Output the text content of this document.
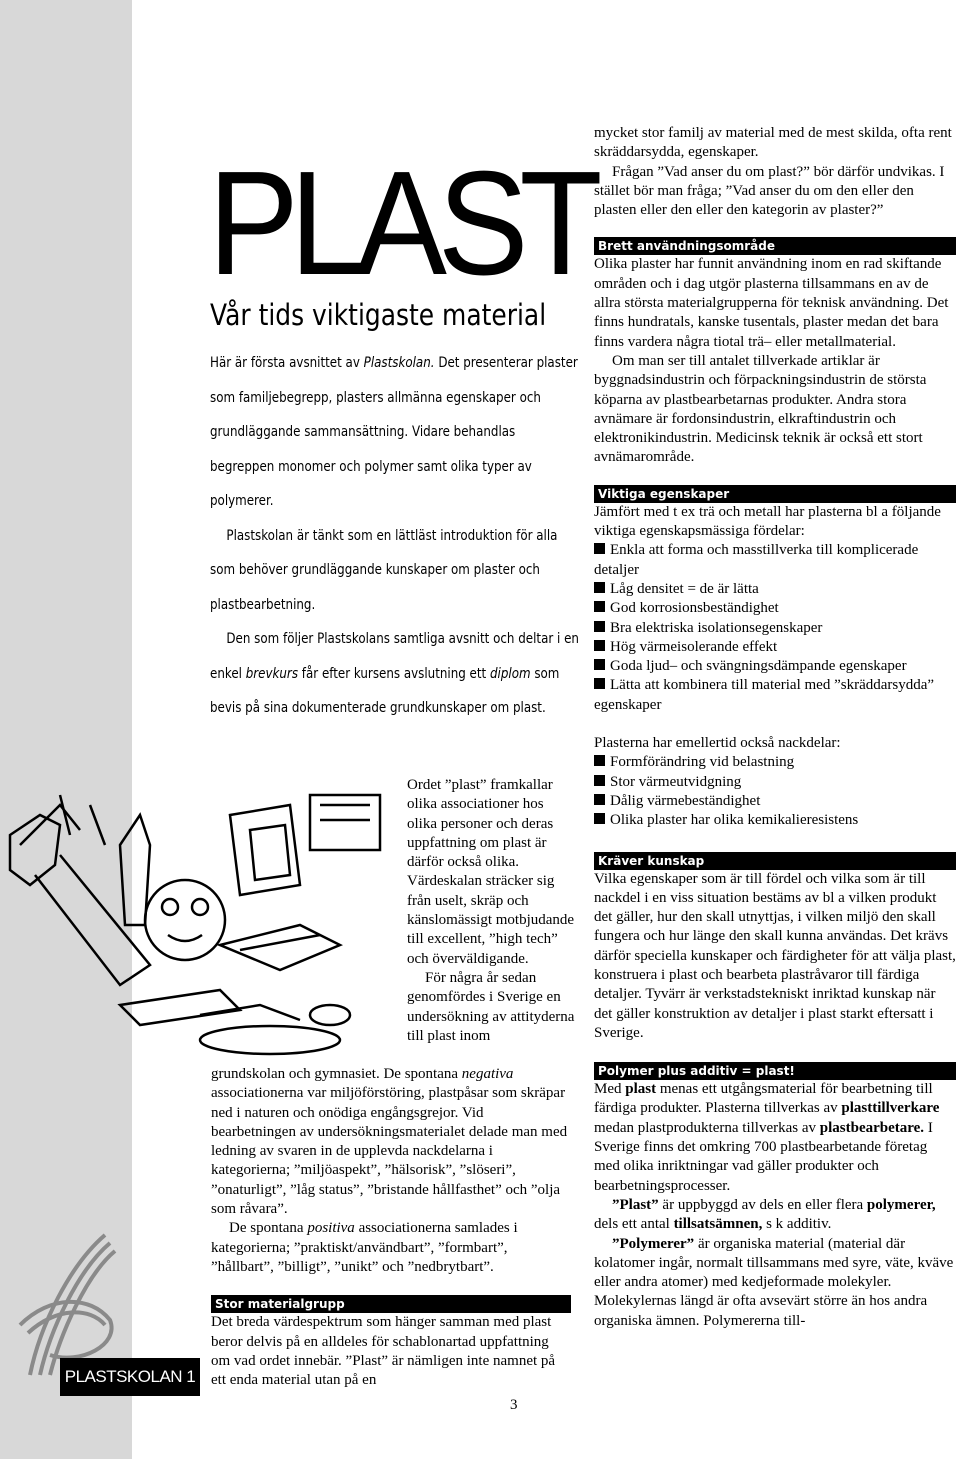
PLASTSKOLAN 1
PLAST
Vår tids viktigaste material

Här är första avsnittet av Plastskolan. Det presenterar plaster som familjebegrepp, plasters allmänna egenskaper och grundläggande sammansättning. Vidare behandlas begreppen monomer och polymer samt olika typer av polymerer.

Plastskolan är tänkt som en lättläst introduktion för alla som behöver grundläggande kunskaper om plaster och plastbearbetning.

Den som följer Plastskolans samtliga avsnitt och deltar i en enkel brevkurs får efter kursens avslutning ett diplom som bevis på sina dokumenterade grundkunskaper om plast.

Ordet ”plast” framkallar olika associationer hos olika personer och deras uppfattning om plast är därför också olika. Värdeskalan sträcker sig från uselt, skräp och känslomässigt motbjudande till excellent, ”high tech” och överväldigande.

För några år sedan genomfördes i Sverige en undersökning av attityderna till plast inom

grundskolan och gymnasiet. De spontana negativa associationerna var miljöförstöring, plastpåsar som skräpar ned i naturen och onödiga engångsgrejor. Vid bearbetningen av undersökningsmaterialet delade man med ledning av svaren in de upplevda nackdelarna i kategorierna; ”miljöaspekt”, ”hälsorisk”, ”slöseri”, ”onaturligt”, ”låg status”, ”bristande hållfasthet” och ”olja som råvara”.

De spontana positiva associationerna samlades i kategorierna; ”praktiskt/användbart”, ”formbart”, ”hållbart”, ”billigt”, ”unikt” och ”nedbrytbart”.

Stor materialgrupp

Det breda värdespektrum som hänger samman med plast beror delvis på en alldeles för schablonartad uppfattning om vad ordet innebär. ”Plast” är nämligen inte namnet på ett enda material utan på en

mycket stor familj av material med de mest skilda, ofta rent skräddarsydda, egenskaper.

Frågan ”Vad anser du om plast?” bör därför undvikas. I stället bör man fråga; ”Vad anser du om den eller den plasten eller den eller den kategorin av plaster?”

Brett användningsområde

Olika plaster har funnit användning inom en rad skiftande områden och i dag utgör plasterna tillsammans en av de allra största materialgrupperna för teknisk användning. Det finns hundratals, kanske tusentals, plaster medan det bara finns vardera några tiotal trä– eller metallmaterial.

Om man ser till antalet tillverkade artiklar är byggnadsindustrin och förpackningsindustrin de största köparna av plastbearbetarnas produkter. Andra stora avnämare är fordonsindustrin, elkraftindustrin och elektronikindustrin. Medicinsk teknik är också ett stort avnämarområde.

Viktiga egenskaper

Jämfört med t ex trä och metall har plasterna bl a följande viktiga egenskapsmässiga fördelar:

Enkla att forma och masstillverka till komplicerade detaljer

Låg densitet = de är lätta

God korrosionsbeständighet

Bra elektriska isolationsegenskaper

Hög värmeisolerande effekt

Goda ljud– och svängningsdämpande egenskaper

Lätta att kombinera till material med ”skräddarsydda” egenskaper

Plasterna har emellertid också nackdelar:

Formförändring vid belastning

Stor värmeutvidgning

Dålig värmebeständighet

Olika plaster har olika kemikalieresistens

Kräver kunskap

Vilka egenskaper som är till fördel och vilka som är till nackdel i en viss situation bestäms av bl a vilken produkt det gäller, hur den skall utnyttjas, i vilken miljö den skall fungera och hur länge den skall kunna användas. Det krävs därför speciella kunskaper och färdigheter för att välja plast, konstruera i plast och bearbeta plastråvaror till färdiga detaljer. Tyvärr är verkstadstekniskt inriktad kunskap när det gäller konstruktion av detaljer i plast starkt eftersatt i Sverige.

Polymer plus additiv = plast!

Med plast menas ett utgångsmaterial för bearbetning till färdiga produkter. Plasterna tillverkas av plasttillverkare medan plastprodukterna tillverkas av plastbearbetare. I Sverige finns det omkring 700 plastbearbetande företag med olika inriktningar vad gäller produkter och bearbetningsprocesser.

”Plast” är uppbyggd av dels en eller flera polymerer, dels ett antal tillsatsämnen, s k additiv.

”Polymerer” är organiska material (material där kolatomer ingår, normalt tillsammans med syre, väte, kväve eller andra atomer) med kedjeformade molekyler. Molekylernas längd är ofta avsevärt större än hos andra organiska ämnen. Polymererna till-

3
